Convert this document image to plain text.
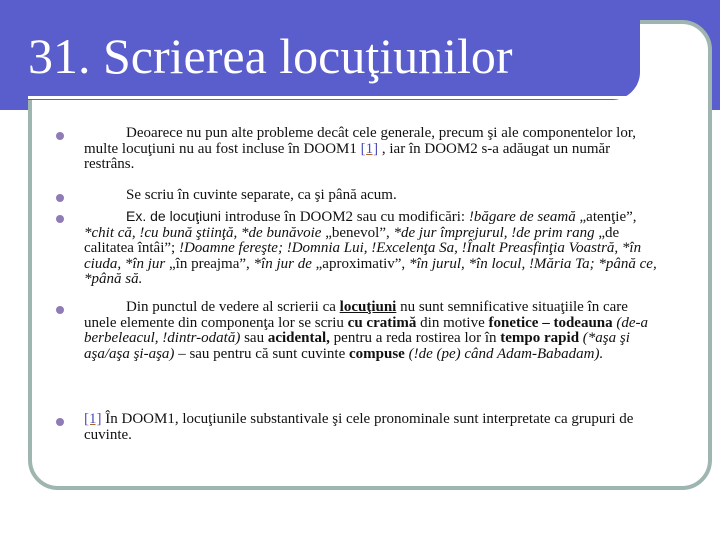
31. Scrierea locuţiunilor
Deoarece nu pun alte probleme decât cele generale, precum şi ale componentelor lor, multe locuţiuni nu au fost incluse în DOOM1 [1] , iar în DOOM2 s-a adăugat un număr restrâns.
Se scriu în cuvinte separate, ca şi până acum.
Ex. de locuţiuni introduse în DOOM2 sau cu modificări: !băgare de seamă „atenţie”, *chit că, !cu bună ştiinţă, *de bunăvoie „benevol”, *de jur împrejurul, !de prim rang „de calitatea întâi”; !Doamne fereşte; !Domnia Lui, !Excelenţa Sa, !Înalt Preasfinţia Voastră, *în ciuda, *în jur „în preajma”, *în jur de „aproximativ”, *în jurul, *în locul, !Măria Ta; *până ce, *până să.
Din punctul de vedere al scrierii ca locuţiuni nu sunt semnificative situaţiile în care unele elemente din componenţa lor se scriu cu cratimă din motive fonetice – todeauna (de-a berbeleacul, !dintr-odată) sau acidental, pentru a reda rostirea lor în tempo rapid (*aşa şi aşa/aşa şi-aşa) – sau pentru că sunt cuvinte compuse (!de (pe) când Adam-Babadam).
[1] În DOOM1, locuţiunile substantivale şi cele pronominale sunt interpretate ca grupuri de cuvinte.
